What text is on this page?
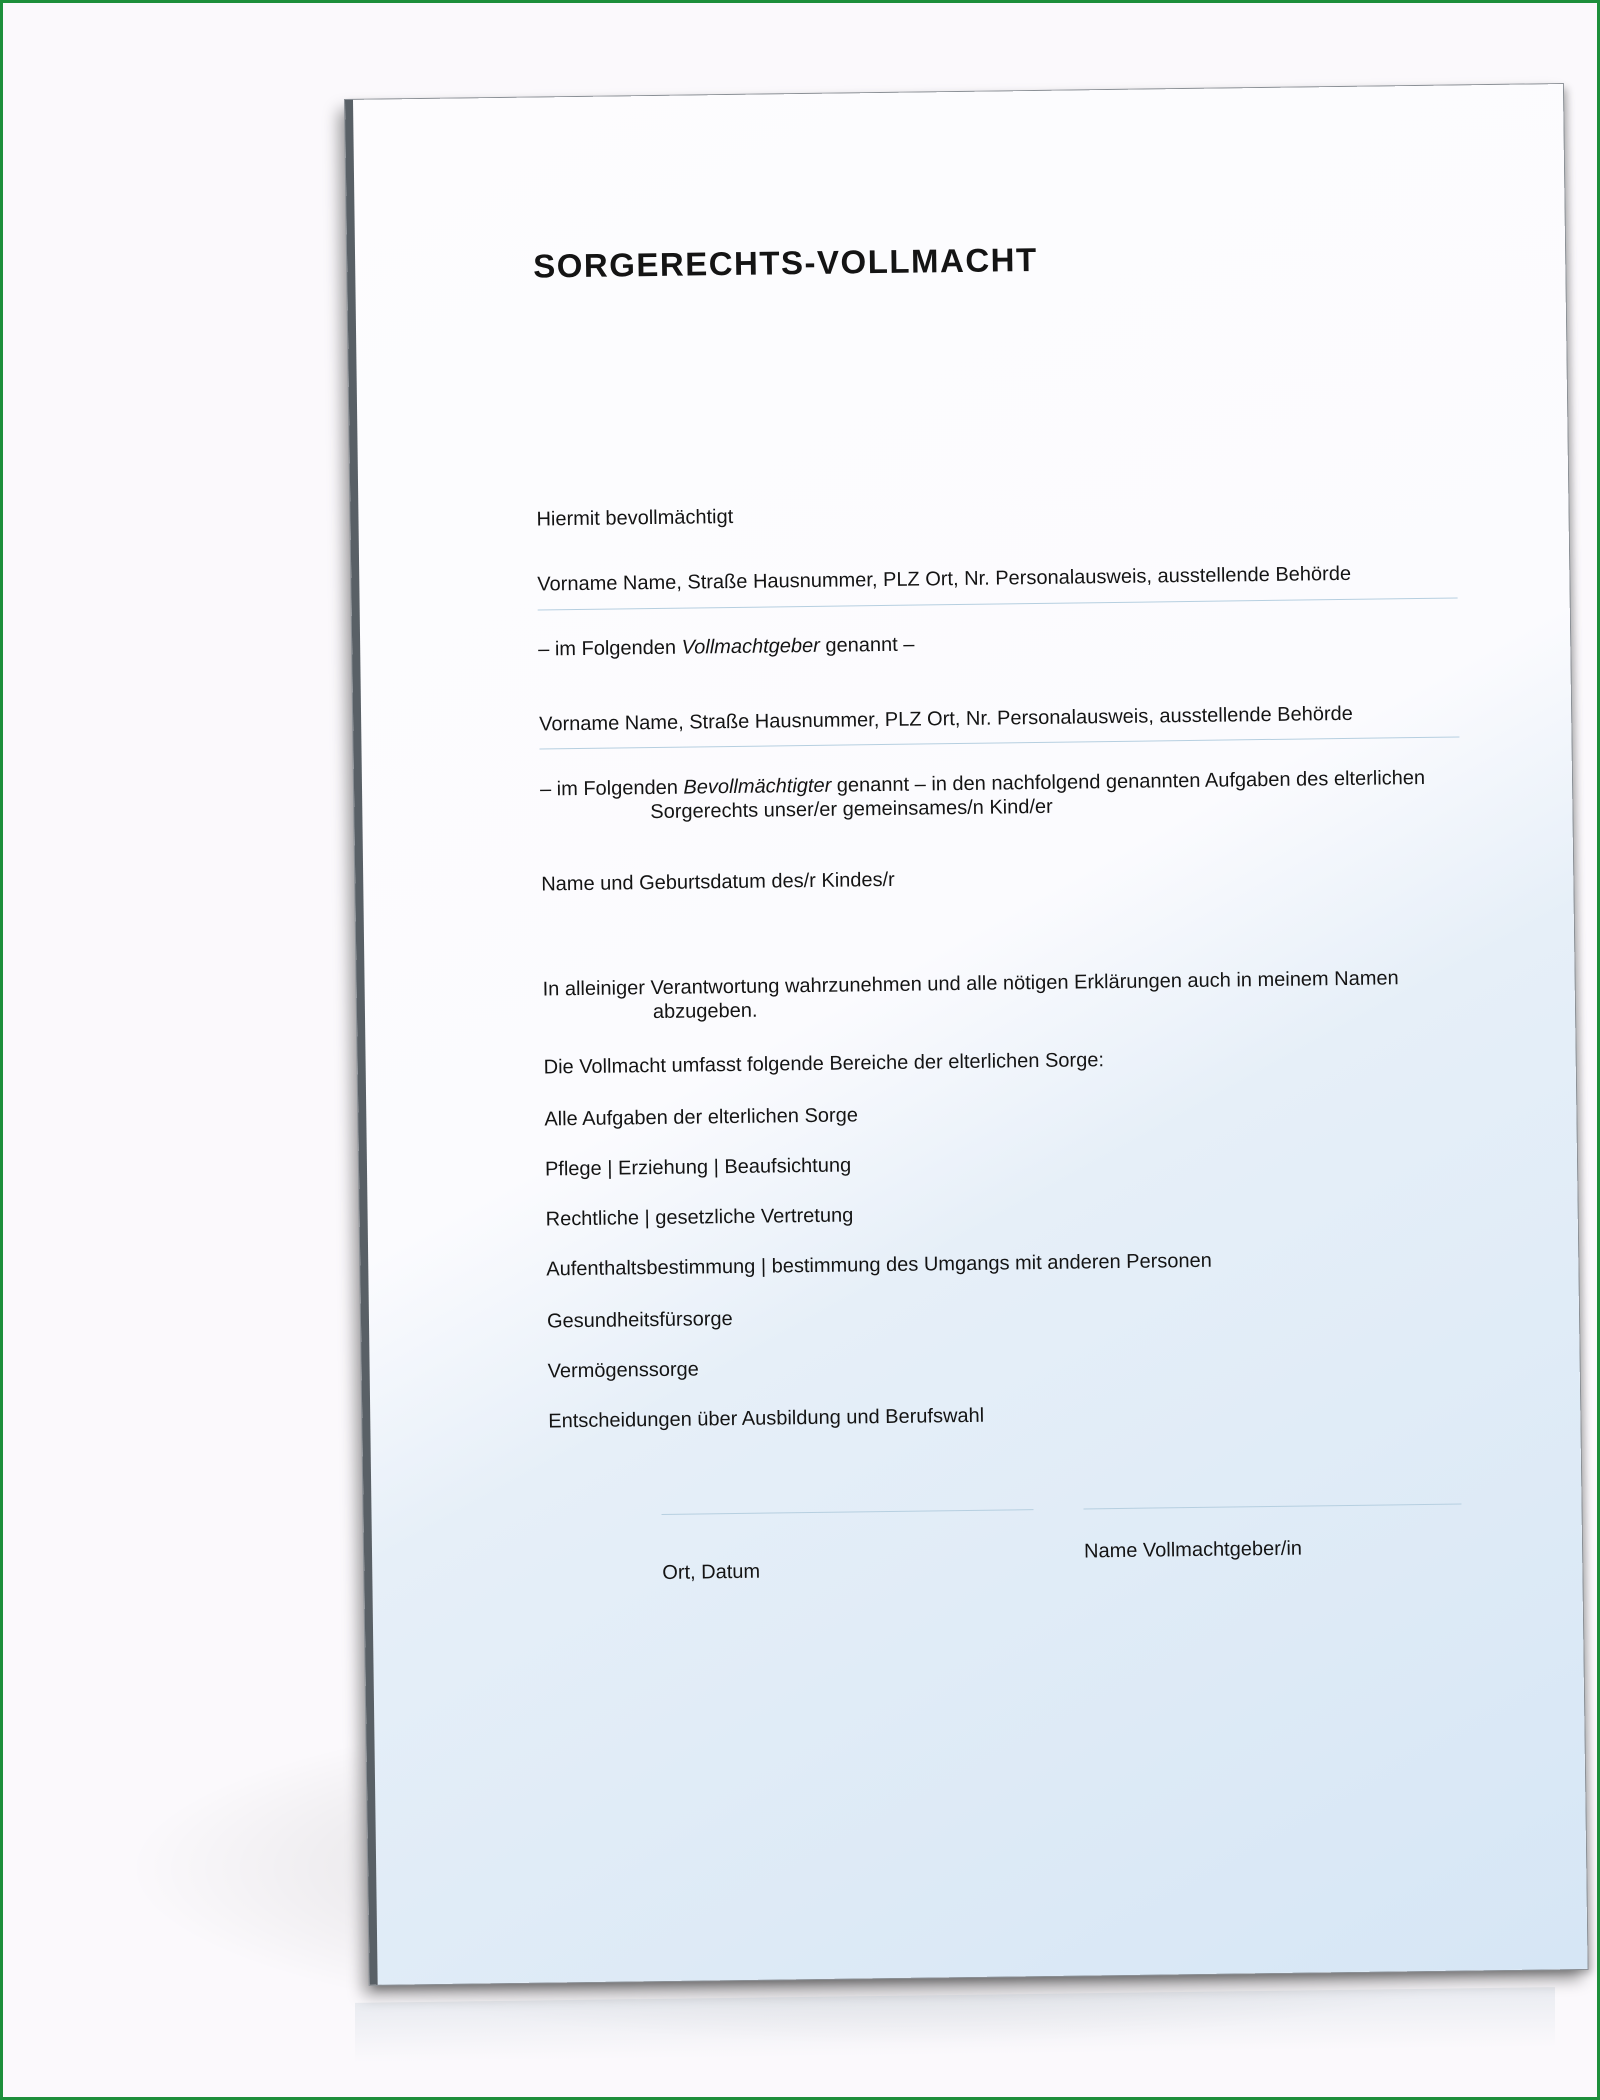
SORGERECHTS-VOLLMACHT
Hiermit bevollmächtigt
Vorname Name, Straße Hausnummer, PLZ Ort, Nr. Personalausweis, ausstellende Behörde
– im Folgenden Vollmachtgeber genannt –
Vorname Name, Straße Hausnummer, PLZ Ort, Nr. Personalausweis, ausstellende Behörde
– im Folgenden Bevollmächtigter genannt – in den nachfolgend genannten Aufgaben des elterlichen
Sorgerechts unser/er gemeinsames/n Kind/er
Name und Geburtsdatum des/r Kindes/r
In alleiniger Verantwortung wahrzunehmen und alle nötigen Erklärungen auch in meinem Namen
abzugeben.
Die Vollmacht umfasst folgende Bereiche der elterlichen Sorge:
Alle Aufgaben der elterlichen Sorge
Pflege | Erziehung | Beaufsichtung
Rechtliche | gesetzliche Vertretung
Aufenthaltsbestimmung | bestimmung des Umgangs mit anderen Personen
Gesundheitsfürsorge
Vermögenssorge
Entscheidungen über Ausbildung und Berufswahl
Ort, Datum
Name Vollmachtgeber/in
